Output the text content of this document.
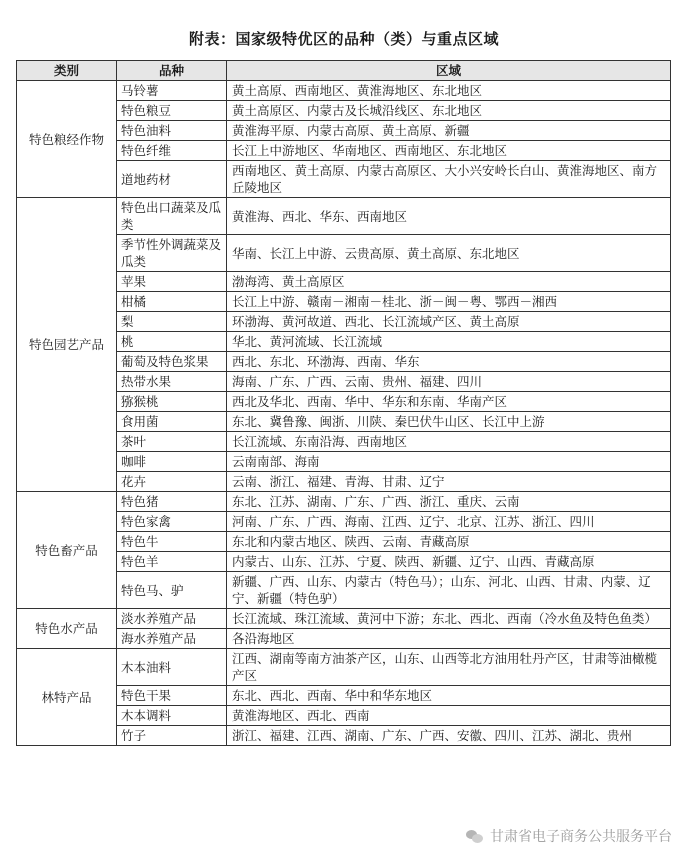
附表：国家级特优区的品种（类）与重点区域
类别	品种	区域
特色粮经作物	马铃薯	黄土高原、西南地区、黄淮海地区、东北地区
	特色粮豆	黄土高原区、内蒙古及长城沿线区、东北地区
	特色油料	黄淮海平原、内蒙古高原、黄土高原、新疆
	特色纤维	长江上中游地区、华南地区、西南地区、东北地区
	道地药材	西南地区、黄土高原、内蒙古高原区、大小兴安岭长白山、黄淮海地区、南方丘陵地区
特色园艺产品	特色出口蔬菜及瓜类	黄淮海、西北、华东、西南地区
	季节性外调蔬菜及瓜类	华南、长江上中游、云贵高原、黄土高原、东北地区
	苹果	渤海湾、黄土高原区
	柑橘	长江上中游、赣南－湘南－桂北、浙－闽－粤、鄂西－湘西
	梨	环渤海、黄河故道、西北、长江流域产区、黄土高原
	桃	华北、黄河流域、长江流域
	葡萄及特色浆果	西北、东北、环渤海、西南、华东
	热带水果	海南、广东、广西、云南、贵州、福建、四川
	猕猴桃	西北及华北、西南、华中、华东和东南、华南产区
	食用菌	东北、冀鲁豫、闽浙、川陕、秦巴伏牛山区、长江中上游
	茶叶	长江流域、东南沿海、西南地区
	咖啡	云南南部、海南
	花卉	云南、浙江、福建、青海、甘肃、辽宁
特色畜产品	特色猪	东北、江苏、湖南、广东、广西、浙江、重庆、云南
	特色家禽	河南、广东、广西、海南、江西、辽宁、北京、江苏、浙江、四川
	特色牛	东北和内蒙古地区、陕西、云南、青藏高原
	特色羊	内蒙古、山东、江苏、宁夏、陕西、新疆、辽宁、山西、青藏高原
	特色马、驴	新疆、广西、山东、内蒙古（特色马）；山东、河北、山西、甘肃、内蒙、辽宁、新疆（特色驴）
特色水产品	淡水养殖产品	长江流域、珠江流域、黄河中下游；东北、西北、西南（冷水鱼及特色鱼类）
	海水养殖产品	各沿海地区
林特产品	木本油料	江西、湖南等南方油茶产区，山东、山西等北方油用牡丹产区，甘肃等油橄榄产区
	特色干果	东北、西北、西南、华中和华东地区
	木本调料	黄淮海地区、西北、西南
	竹子	浙江、福建、江西、湖南、广东、广西、安徽、四川、江苏、湖北、贵州
甘肃省电子商务公共服务平台
